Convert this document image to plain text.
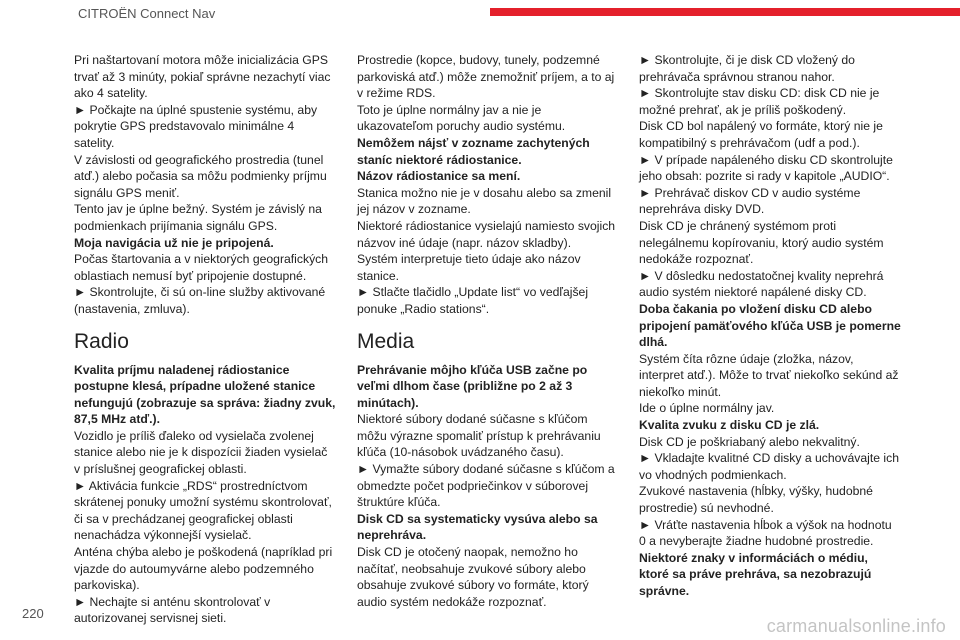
CITROËN Connect Nav

Pri naštartovaní motora môže inicializácia GPS trvať až 3 minúty, pokiaľ správne nezachytí viac ako 4 satelity.

► Počkajte na úplné spustenie systému, aby pokrytie GPS predstavovalo minimálne 4 satelity.

V závislosti od geografického prostredia (tunel atď.) alebo počasia sa môžu podmienky príjmu signálu GPS meniť.

Tento jav je úplne bežný. Systém je závislý na podmienkach prijímania signálu GPS.

Moja navigácia už nie je pripojená.

Počas štartovania a v niektorých geografických oblastiach nemusí byť pripojenie dostupné.

► Skontrolujte, či sú on-line služby aktivované (nastavenia, zmluva).

Radio

Kvalita príjmu naladenej rádiostanice postupne klesá, prípadne uložené stanice nefungujú (zobrazuje sa správa: žiadny zvuk, 87,5 MHz atď.).

Vozidlo je príliš ďaleko od vysielača zvolenej stanice alebo nie je k dispozícii žiaden vysielač v príslušnej geografickej oblasti.

► Aktivácia funkcie „RDS“ prostredníctvom skrátenej ponuky umožní systému skontrolovať, či sa v prechádzanej geografickej oblasti nenachádza výkonnejší vysielač.

Anténa chýba alebo je poškodená (napríklad pri vjazde do autoumyvárne alebo podzemného parkoviska).

► Nechajte si anténu skontrolovať v autorizovanej servisnej sieti.

Prostredie (kopce, budovy, tunely, podzemné parkoviská atď.) môže znemožniť príjem, a to aj v režime RDS.

Toto je úplne normálny jav a nie je ukazovateľom poruchy audio systému.

Nemôžem nájsť v zozname zachytených staníc niektoré rádiostanice.

Názov rádiostanice sa mení.

Stanica možno nie je v dosahu alebo sa zmenil jej názov v zozname.

Niektoré rádiostanice vysielajú namiesto svojich názvov iné údaje (napr. názov skladby).

Systém interpretuje tieto údaje ako názov stanice.

► Stlačte tlačidlo „Update list“ vo vedľajšej ponuke „Radio stations“.

Media

Prehrávanie môjho kľúča USB začne po veľmi dlhom čase (približne po 2 až 3 minútach).

Niektoré súbory dodané súčasne s kľúčom môžu výrazne spomaliť prístup k prehrávaniu kľúča (10-násobok uvádzaného času).

► Vymažte súbory dodané súčasne s kľúčom a obmedzte počet podpriečinkov v súborovej štruktúre kľúča.

Disk CD sa systematicky vysúva alebo sa neprehráva.

Disk CD je otočený naopak, nemožno ho načítať, neobsahuje zvukové súbory alebo obsahuje zvukové súbory vo formáte, ktorý audio systém nedokáže rozpoznať.

► Skontrolujte, či je disk CD vložený do prehrávača správnou stranou nahor.

► Skontrolujte stav disku CD: disk CD nie je možné prehrať, ak je príliš poškodený.

Disk CD bol napálený vo formáte, ktorý nie je kompatibilný s prehrávačom (udf a pod.).

► V prípade napáleného disku CD skontrolujte jeho obsah: pozrite si rady v kapitole „AUDIO“.

► Prehrávač diskov CD v audio systéme neprehráva disky DVD.

Disk CD je chránený systémom proti nelegálnemu kopírovaniu, ktorý audio systém nedokáže rozpoznať.

► V dôsledku nedostatočnej kvality neprehrá audio systém niektoré napálené disky CD.

Doba čakania po vložení disku CD alebo pripojení pamäťového kľúča USB je pomerne dlhá.

Systém číta rôzne údaje (zložka, názov, interpret atď.). Môže to trvať niekoľko sekúnd až niekoľko minút.

Ide o úplne normálny jav.

Kvalita zvuku z disku CD je zlá.

Disk CD je poškriabaný alebo nekvalitný.

► Vkladajte kvalitné CD disky a uchovávajte ich vo vhodných podmienkach.

Zvukové nastavenia (hĺbky, výšky, hudobné prostredie) sú nevhodné.

► Vráťte nastavenia hĺbok a výšok na hodnotu 0 a nevyberajte žiadne hudobné prostredie.

Niektoré znaky v informáciách o médiu, ktoré sa práve prehráva, sa nezobrazujú správne.

220
carmanualsonline.info
